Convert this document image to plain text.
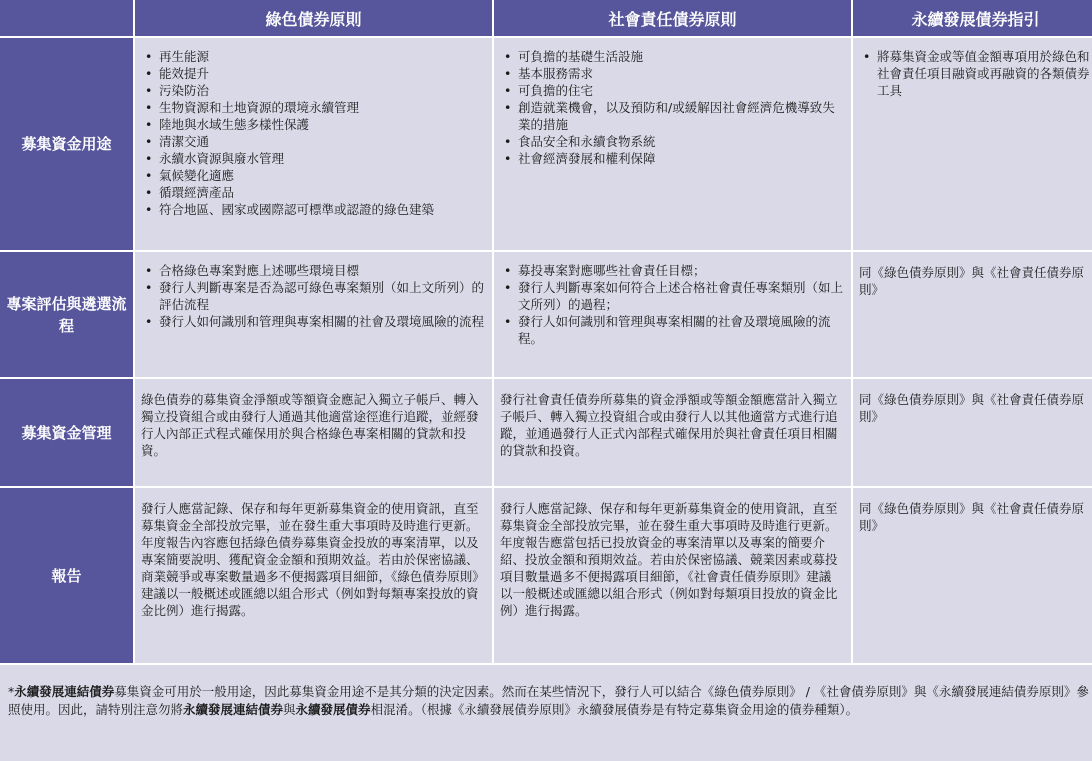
綠色債券原則	社會責任債券原則	永續發展債券指引
募集資金用途
• 再生能源
• 能效提升
• 污染防治
• 生物資源和土地資源的環境永續管理
• 陸地與水域生態多樣性保護
• 清潔交通
• 永續水資源與廢水管理
• 氣候變化適應
• 循環經濟產品
• 符合地區、國家或國際認可標準或認證的綠色建築
• 可負擔的基礎生活設施
• 基本服務需求
• 可負擔的住宅
• 創造就業機會，以及預防和/或緩解因社會經濟危機導致失業的措施
• 食品安全和永續食物系統
• 社會經濟發展和權利保障
• 將募集資金或等值金額專項用於綠色和社會責任項目融資或再融資的各類債券工具
專案評估與遴選流程
• 合格綠色專案對應上述哪些環境目標
• 發行人判斷專案是否為認可綠色專案類別（如上文所列）的評估流程
• 發行人如何識別和管理與專案相關的社會及環境風險的流程
• 募投專案對應哪些社會責任目標；
• 發行人判斷專案如何符合上述合格社會責任專案類別（如上文所列）的過程；
• 發行人如何識別和管理與專案相關的社會及環境風險的流程。

同《綠色債券原則》與《社會責任債券原則》

募集資金管理

綠色債券的募集資金淨額或等額資金應記入獨立子帳戶、轉入獨立投資組合或由發行人通過其他適當途徑進行追蹤，並經發行人內部正式程式確保用於與合格綠色專案相關的貸款和投資。

發行社會責任債券所募集的資金淨額或等額金額應當計入獨立子帳戶、轉入獨立投資組合或由發行人以其他適當方式進行追蹤，並通過發行人正式內部程式確保用於與社會責任項目相關的貸款和投資。

同《綠色債券原則》與《社會責任債券原則》

報告

發行人應當記錄、保存和每年更新募集資金的使用資訊，直至募集資金全部投放完畢，並在發生重大事項時及時進行更新。年度報告內容應包括綠色債券募集資金投放的專案清單，以及專案簡要說明、獲配資金金額和預期效益。若由於保密協議、商業競爭或專案數量過多不便揭露項目細節，《綠色債券原則》建議以一般概述或匯總以組合形式（例如對每類專案投放的資金比例）進行揭露。

發行人應當記錄、保存和每年更新募集資金的使用資訊，直至募集資金全部投放完畢，並在發生重大事項時及時進行更新。年度報告應當包括已投放資金的專案清單以及專案的簡要介紹、投放金額和預期效益。若由於保密協議、競業因素或募投項目數量過多不便揭露項目細節，《社會責任債券原則》建議以一般概述或匯總以組合形式（例如對每類項目投放的資金比例）進行揭露。

同《綠色債券原則》與《社會責任債券原則》

*永續發展連結債券募集資金可用於一般用途，因此募集資金用途不是其分類的決定因素。然而在某些情況下，發行人可以結合《綠色債券原則》 / 《社會債券原則》與《永續發展連結債券原則》參照使用。因此，請特別注意勿將永續發展連結債券與永續發展債券相混淆。（根據《永續發展債券原則》永續發展債券是有特定募集資金用途的債券種類）。
